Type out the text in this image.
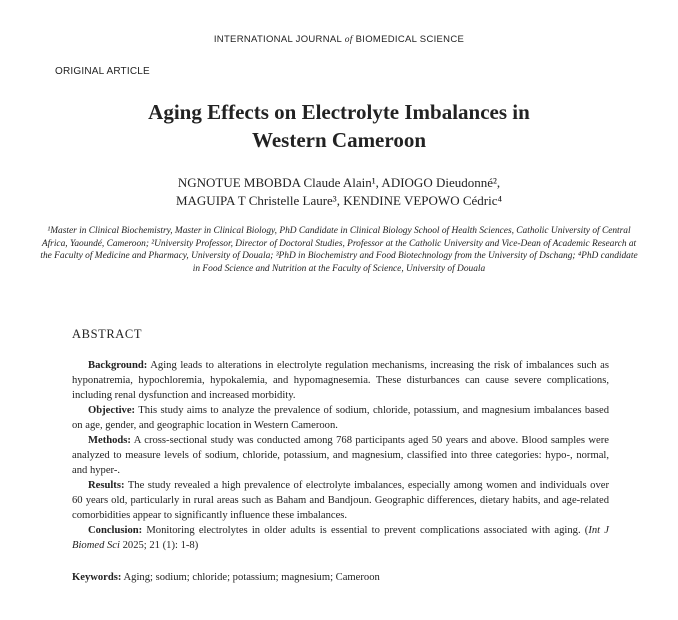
INTERNATIONAL JOURNAL of BIOMEDICAL SCIENCE
ORIGINAL ARTICLE
Aging Effects on Electrolyte Imbalances in
Western Cameroon
NGNOTUE MBOBDA Claude Alain¹, ADIOGO Dieudonné²,
MAGUIPA T Christelle Laure³, KENDINE VEPOWO Cédric⁴
¹Master in Clinical Biochemistry, Master in Clinical Biology, PhD Candidate in Clinical Biology School of Health Sciences, Catholic University of Central Africa, Yaoundé, Cameroon; ²University Professor, Director of Doctoral Studies, Professor at the Catholic University and Vice-Dean of Academic Research at the Faculty of Medicine and Pharmacy, University of Douala; ³PhD in Biochemistry and Food Biotechnology from the University of Dschang; ⁴PhD candidate in Food Science and Nutrition at the Faculty of Science, University of Douala
ABSTRACT

Background: Aging leads to alterations in electrolyte regulation mechanisms, increasing the risk of imbalances such as hyponatremia, hypochloremia, hypokalemia, and hypomagnesemia. These disturbances can cause severe complications, including renal dysfunction and increased morbidity.

Objective: This study aims to analyze the prevalence of sodium, chloride, potassium, and magnesium imbalances based on age, gender, and geographic location in Western Cameroon.

Methods: A cross-sectional study was conducted among 768 participants aged 50 years and above. Blood samples were analyzed to measure levels of sodium, chloride, potassium, and magnesium, classified into three categories: hypo-, normal, and hyper-.

Results: The study revealed a high prevalence of electrolyte imbalances, especially among women and individuals over 60 years old, particularly in rural areas such as Baham and Bandjoun. Geographic differences, dietary habits, and age-related comorbidities appear to significantly influence these imbalances.

Conclusion: Monitoring electrolytes in older adults is essential to prevent complications associated with aging. (Int J Biomed Sci 2025; 21 (1): 1-8)

Keywords: Aging; sodium; chloride; potassium; magnesium; Cameroon
